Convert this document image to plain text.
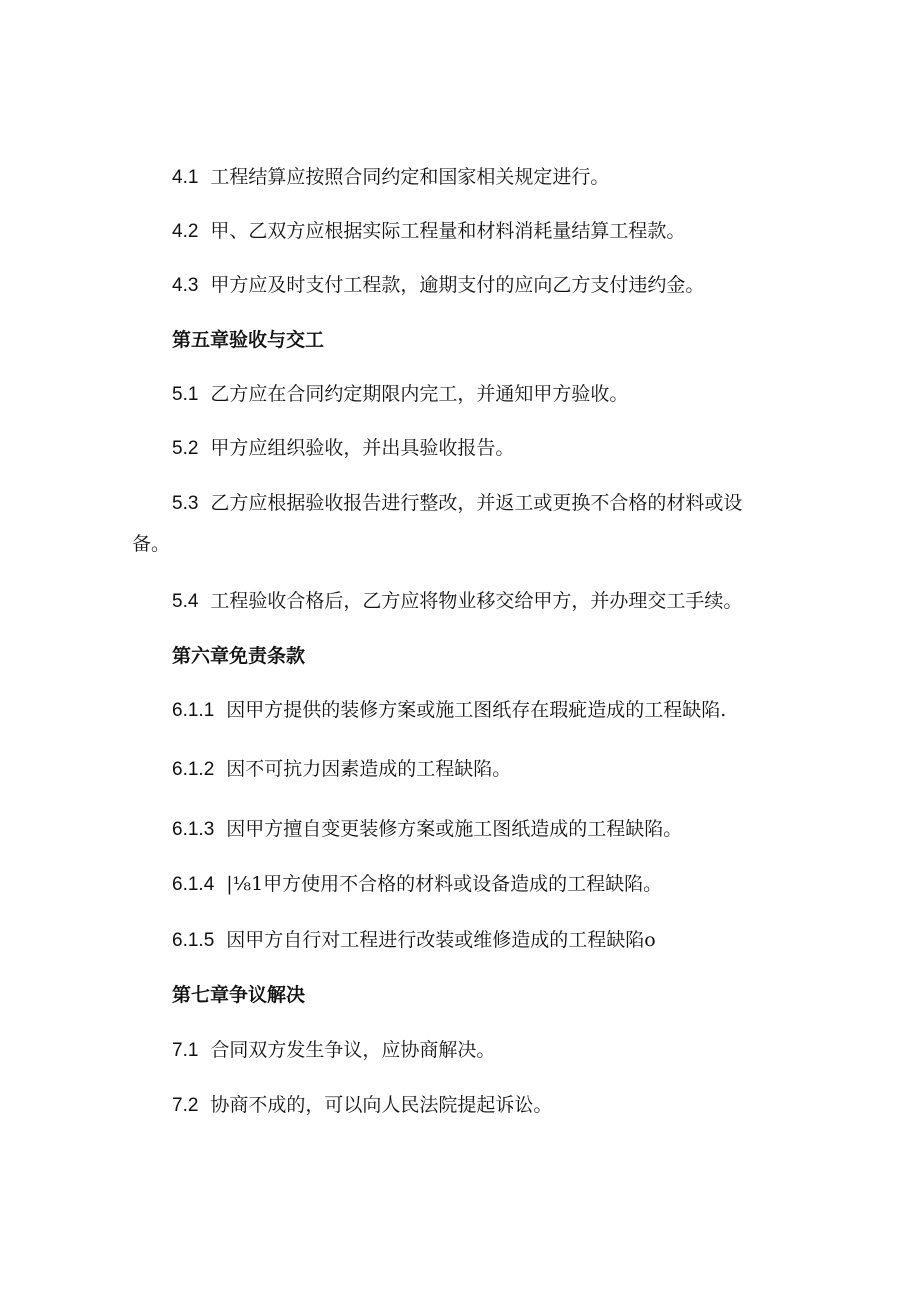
4.1 工程结算应按照合同约定和国家相关规定进行。
4.2 甲、乙双方应根据实际工程量和材料消耗量结算工程款。
4.3 甲方应及时支付工程款，逾期支付的应向乙方支付违约金。
第五章验收与交工
5.1 乙方应在合同约定期限内完工，并通知甲方验收。
5.2 甲方应组织验收，并出具验收报告。
5.3 乙方应根据验收报告进行整改，并返工或更换不合格的材料或设
备。
5.4 工程验收合格后，乙方应将物业移交给甲方，并办理交工手续。
第六章免责条款
6.1.1 因甲方提供的装修方案或施工图纸存在瑕疵造成的工程缺陷.
6.1.2 因不可抗力因素造成的工程缺陷。
6.1.3 因甲方擅自变更装修方案或施工图纸造成的工程缺陷。
6.1.4 |⅛1甲方使用不合格的材料或设备造成的工程缺陷。
6.1.5 因甲方自行对工程进行改装或维修造成的工程缺陷o
第七章争议解决
7.1 合同双方发生争议，应协商解决。
7.2 协商不成的，可以向人民法院提起诉讼。
